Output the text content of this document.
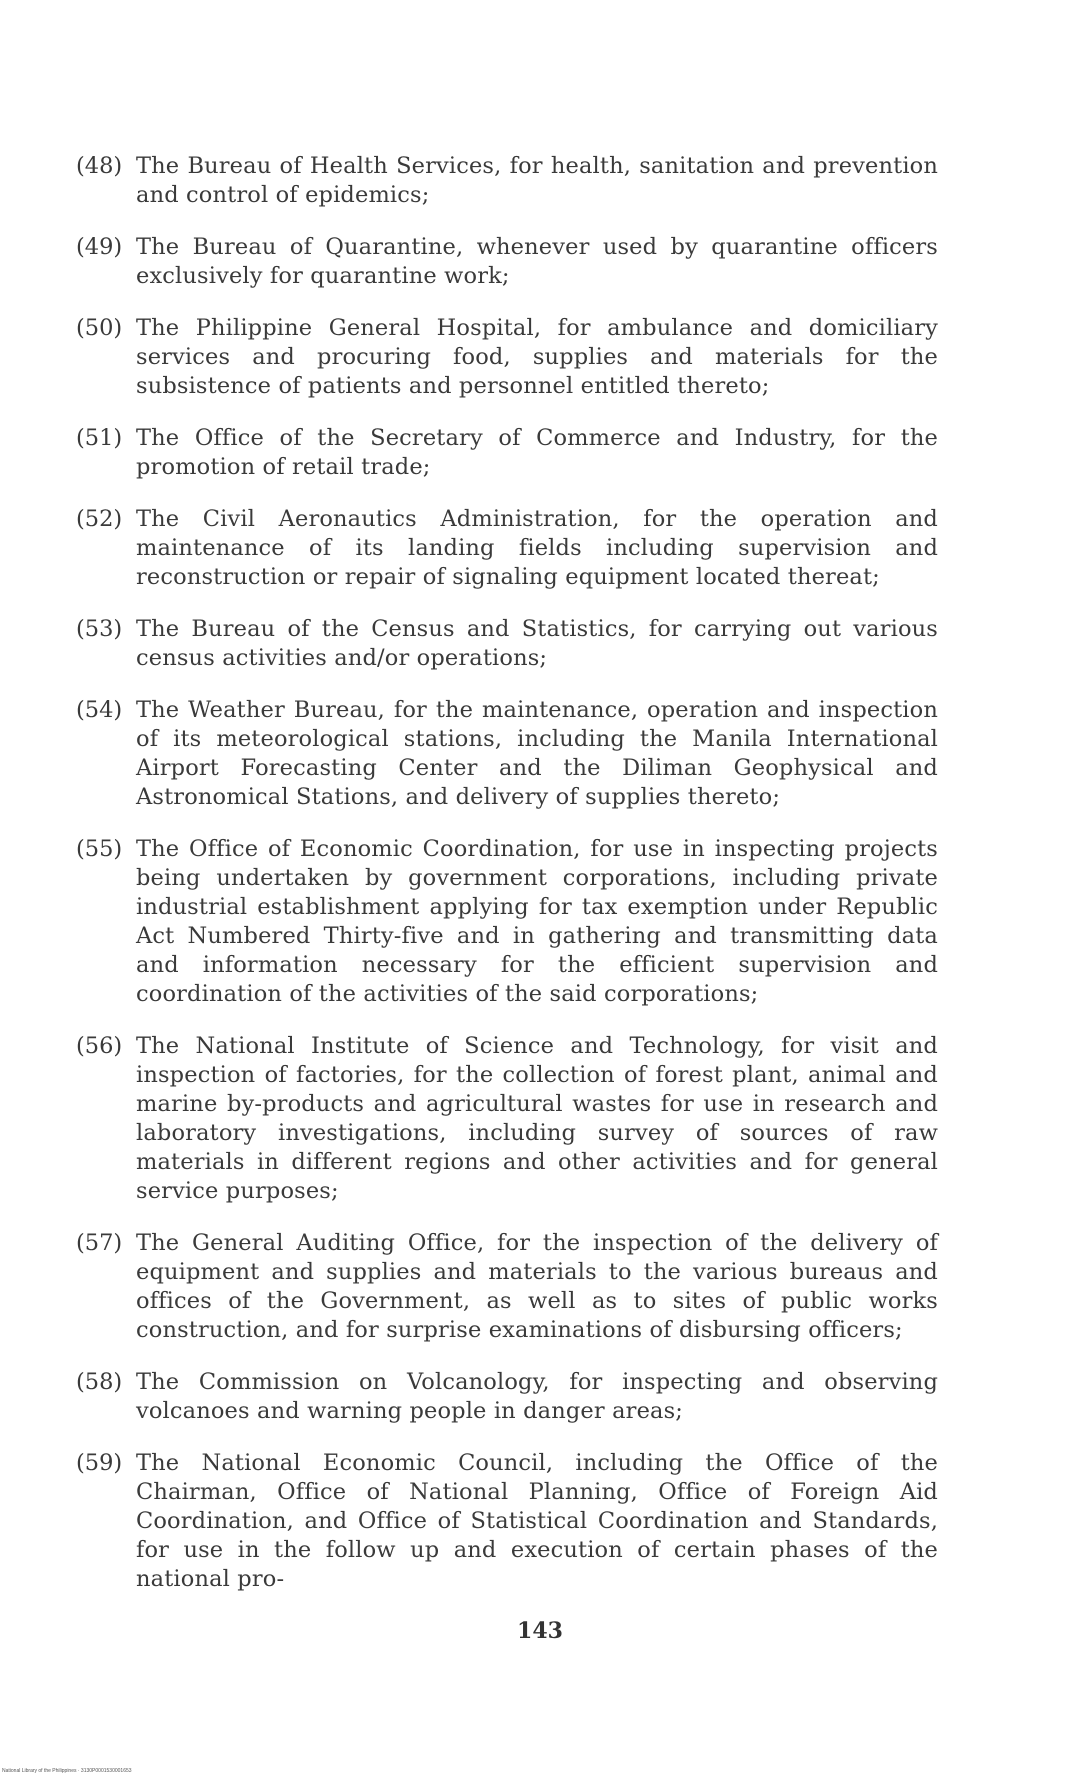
(48) The Bureau of Health Services, for health, sanitation and prevention and control of epidemics;
(49) The Bureau of Quarantine, whenever used by quarantine officers exclusively for quarantine work;
(50) The Philippine General Hospital, for ambulance and domiciliary services and procuring food, supplies and materials for the subsistence of patients and personnel entitled thereto;
(51) The Office of the Secretary of Commerce and Industry, for the promotion of retail trade;
(52) The Civil Aeronautics Administration, for the operation and maintenance of its landing fields including supervision and reconstruction or repair of signaling equipment located thereat;
(53) The Bureau of the Census and Statistics, for carrying out various census activities and/or operations;
(54) The Weather Bureau, for the maintenance, operation and inspection of its meteorological stations, including the Manila International Airport Forecasting Center and the Diliman Geophysical and Astronomical Stations, and delivery of supplies thereto;
(55) The Office of Economic Coordination, for use in inspecting projects being undertaken by government corporations, including private industrial establishment applying for tax exemption under Republic Act Numbered Thirty-five and in gathering and transmitting data and information necessary for the efficient supervision and coordination of the activities of the said corporations;
(56) The National Institute of Science and Technology, for visit and inspection of factories, for the collection of forest plant, animal and marine by-products and agricultural wastes for use in research and laboratory investigations, including survey of sources of raw materials in different regions and other activities and for general service purposes;
(57) The General Auditing Office, for the inspection of the delivery of equipment and supplies and materials to the various bureaus and offices of the Government, as well as to sites of public works construction, and for surprise examinations of disbursing officers;
(58) The Commission on Volcanology, for inspecting and observing volcanoes and warning people in danger areas;
(59) The National Economic Council, including the Office of the Chairman, Office of National Planning, Office of Foreign Aid Coordination, and Office of Statistical Coordination and Standards, for use in the follow up and execution of certain phases of the national pro-
143
National Library of the Philippines · 3130P0001530001653
